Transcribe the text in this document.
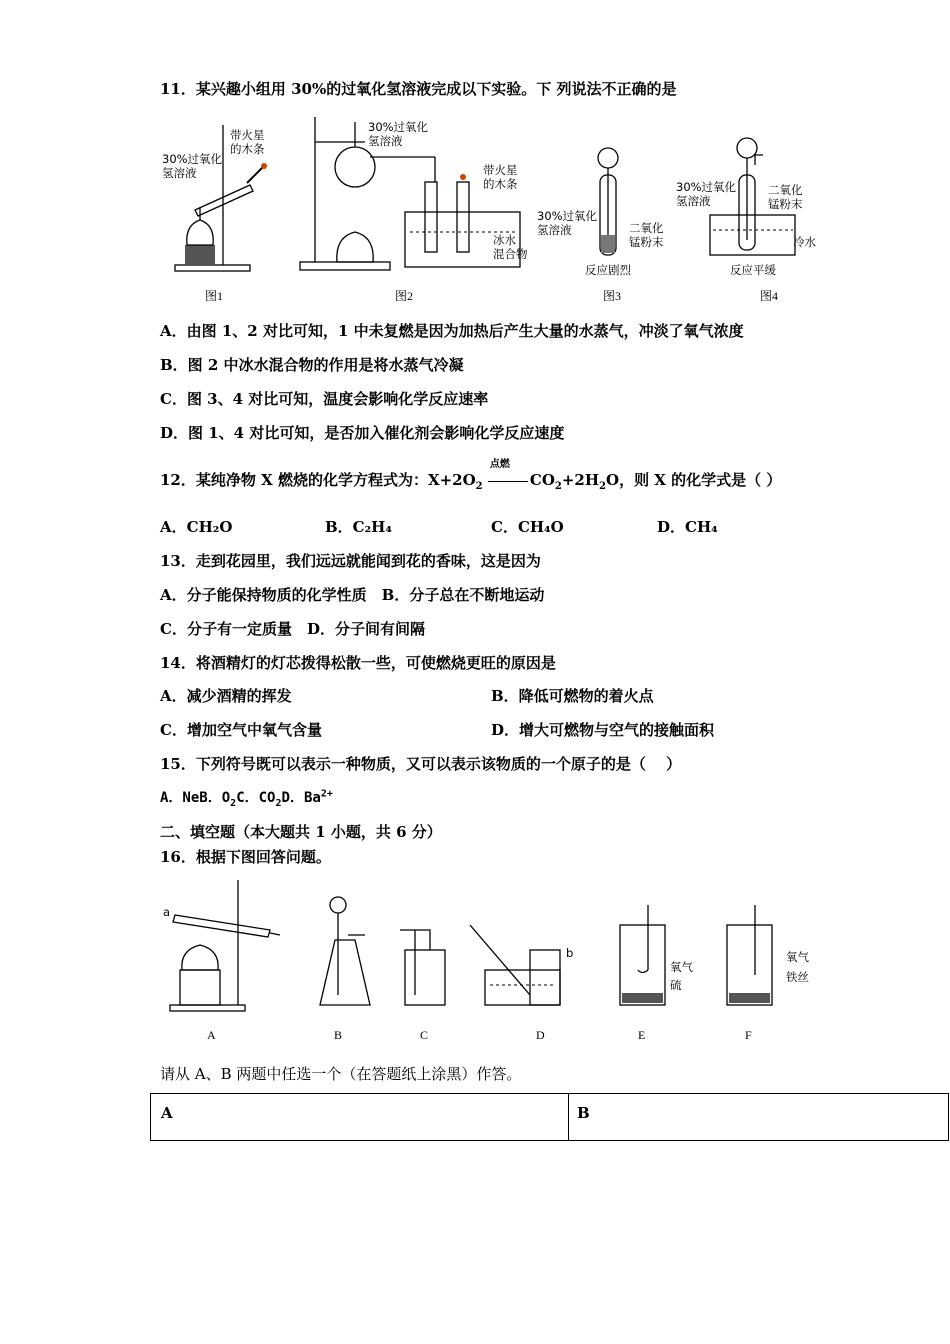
11．某兴趣小组用 30%的过氧化氢溶液完成以下实验。下 列说法不正确的是
30%过氧化
氢溶液
带火星
的木条
图1
30%过氧化
氢溶液
带火星
的木条
冰水
混合物
图2
30%过氧化
氢溶液	二氧化
锰粉末
反应剧烈
图3
30%过氧化
氢溶液
二氧化
锰粉末
冷水
反应平缓
图4
A．由图 1、2 对比可知，1 中未复燃是因为加热后产生大量的水蒸气，冲淡了氧气浓度
B．图 2 中冰水混合物的作用是将水蒸气冷凝
C．图 3、4 对比可知，温度会影响化学反应速率
D．图 1、4 对比可知，是否加入催化剂会影响化学反应速度
12．某纯净物 X 燃烧的化学方程式为：$X+2O_2$
点燃
$CO_2+2H_2O$，则 X 的化学式是（ ）
A．CH₂O	B．C₂H₄	C．CH₄O	D．CH₄
13．走到花园里，我们远远就能闻到花的香味，这是因为
A．分子能保持物质的化学性质　B．分子总在不断地运动
C．分子有一定质量　D．分子间有间隔
14．将酒精灯的灯芯拨得松散一些，可使燃烧更旺的原因是
A．减少酒精的挥发	B．降低可燃物的着火点
C．增加空气中氧气含量	D．增大可燃物与空气的接触面积
15．下列符号既可以表示一种物质，又可以表示该物质的一个原子的是（　 ）
A．NeB．$O_2C$．$CO_2D$．$Ba^{2+}$
二、填空题（本大题共 1 小题，共 6 分）
16．根据下图回答问题。
a
b
氧气
硫
氧气
铁丝
A	B	C	D	E	F
请从 A、B 两题中任选一个（在答题纸上涂黑）作答。
A	B
